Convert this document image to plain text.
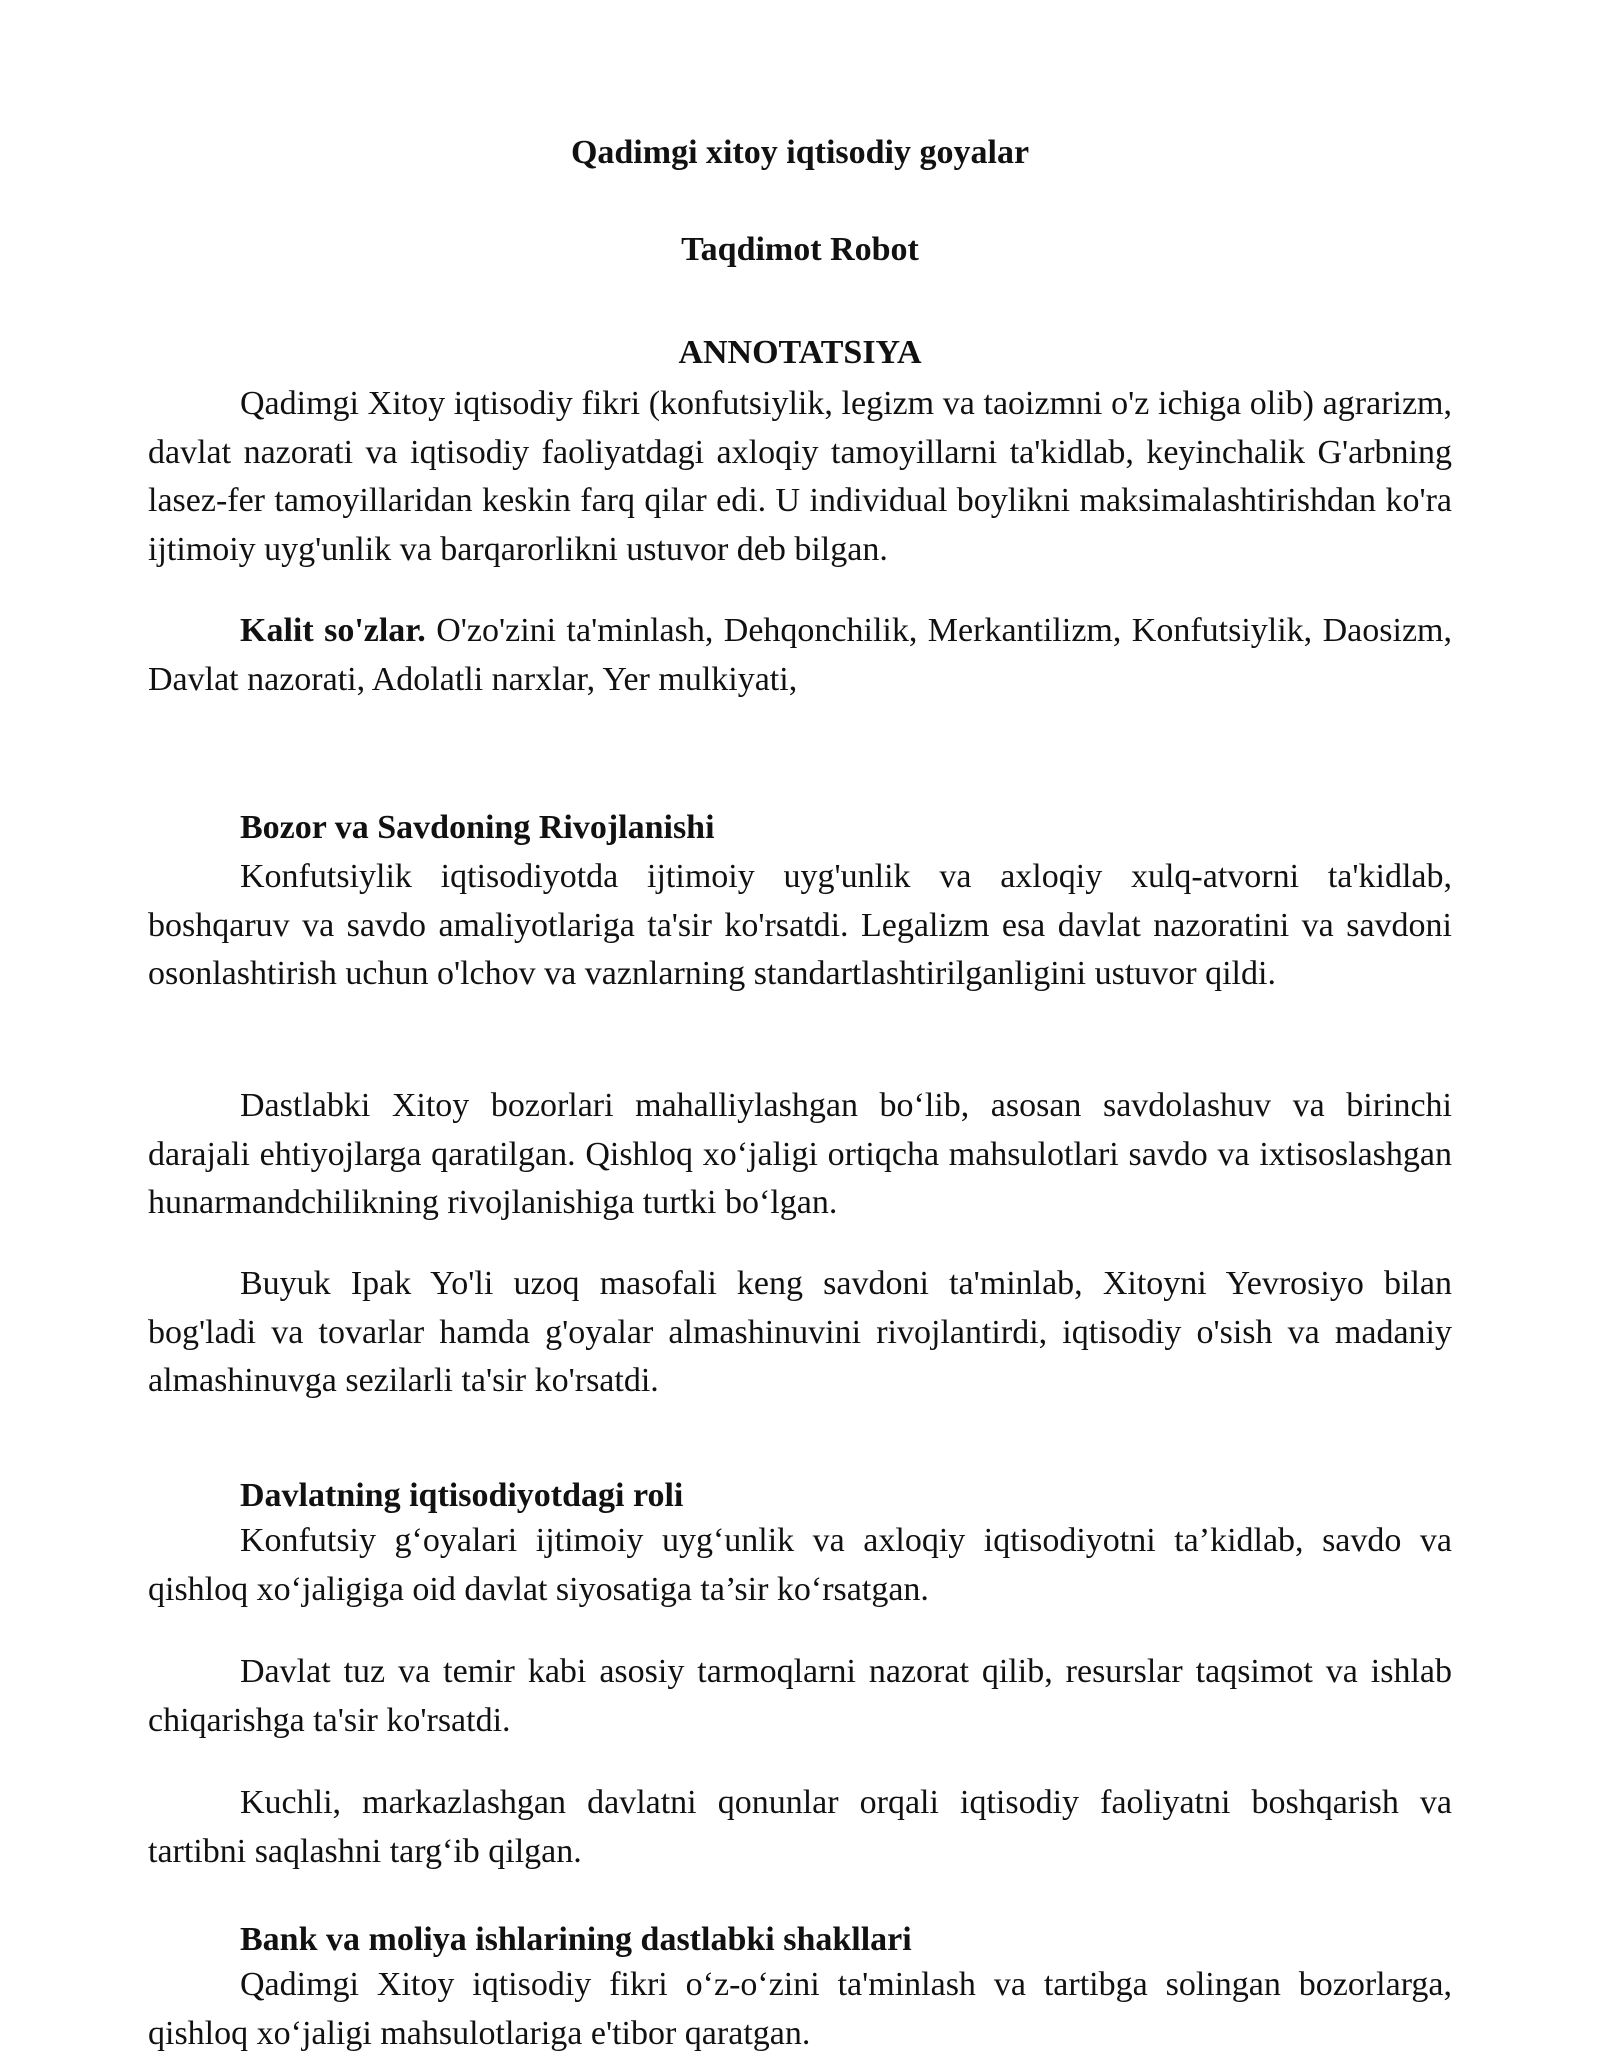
Qadimgi xitoy iqtisodiy goyalar
Taqdimot Robot
ANNOTATSIYA

Qadimgi Xitoy iqtisodiy fikri (konfutsiylik, legizm va taoizmni o'z ichiga olib) agrarizm, davlat nazorati va iqtisodiy faoliyatdagi axloqiy tamoyillarni ta'kidlab, keyinchalik G'arbning lasez-fer tamoyillaridan keskin farq qilar edi. U individual boylikni maksimalashtirishdan ko'ra ijtimoiy uyg'unlik va barqarorlikni ustuvor deb bilgan.

Kalit so'zlar. O'zo'zini ta'minlash, Dehqonchilik, Merkantilizm, Konfutsiylik, Daosizm, Davlat nazorati, Adolatli narxlar, Yer mulkiyati,

Bozor va Savdoning Rivojlanishi

Konfutsiylik iqtisodiyotda ijtimoiy uyg'unlik va axloqiy xulq-atvorni ta'kidlab, boshqaruv va savdo amaliyotlariga ta'sir ko'rsatdi. Legalizm esa davlat nazoratini va savdoni osonlashtirish uchun o'lchov va vaznlarning standartlashtirilganligini ustuvor qildi.

Dastlabki Xitoy bozorlari mahalliylashgan bo‘lib, asosan savdolashuv va birinchi darajali ehtiyojlarga qaratilgan. Qishloq xo‘jaligi ortiqcha mahsulotlari savdo va ixtisoslashgan hunarmandchilikning rivojlanishiga turtki bo‘lgan.

Buyuk Ipak Yo'li uzoq masofali keng savdoni ta'minlab, Xitoyni Yevrosiyo bilan bog'ladi va tovarlar hamda g'oyalar almashinuvini rivojlantirdi, iqtisodiy o'sish va madaniy almashinuvga sezilarli ta'sir ko'rsatdi.

Davlatning iqtisodiyotdagi roli

Konfutsiy g‘oyalari ijtimoiy uyg‘unlik va axloqiy iqtisodiyotni ta’kidlab, savdo va qishloq xo‘jaligiga oid davlat siyosatiga ta’sir ko‘rsatgan.

Davlat tuz va temir kabi asosiy tarmoqlarni nazorat qilib, resurslar taqsimot va ishlab chiqarishga ta'sir ko'rsatdi.

Kuchli, markazlashgan davlatni qonunlar orqali iqtisodiy faoliyatni boshqarish va tartibni saqlashni targ‘ib qilgan.

Bank va moliya ishlarining dastlabki shakllari

Qadimgi Xitoy iqtisodiy fikri o‘z-o‘zini ta'minlash va tartibga solingan bozorlarga, qishloq xo‘jaligi mahsulotlariga e'tibor qaratgan.
